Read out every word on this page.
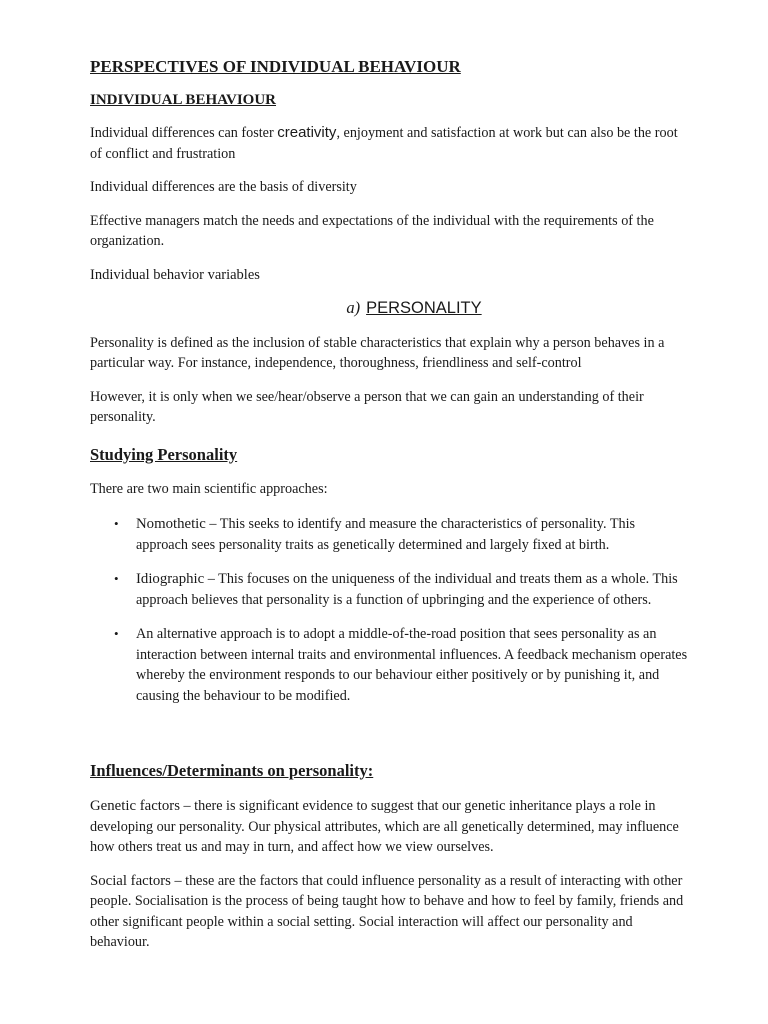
PERSPECTIVES OF INDIVIDUAL BEHAVIOUR
INDIVIDUAL BEHAVIOUR

Individual differences can foster creativity, enjoyment and satisfaction at work but can also be the root of conflict and frustration

Individual differences are the basis of diversity

Effective managers match the needs and expectations of the individual with the requirements of the organization.

Individual behavior variables

a) PERSONALITY

Personality is defined as the inclusion of stable characteristics that explain why a person behaves in a particular way. For instance, independence, thoroughness, friendliness and self-control

However, it is only when we see/hear/observe a person that we can gain an understanding of their personality.

Studying Personality

There are two main scientific approaches:

• Nomothetic – This seeks to identify and measure the characteristics of personality. This approach sees personality traits as genetically determined and largely fixed at birth.
• Idiographic – This focuses on the uniqueness of the individual and treats them as a whole. This approach believes that personality is a function of upbringing and the experience of others.
• An alternative approach is to adopt a middle-of-the-road position that sees personality as an interaction between internal traits and environmental influences. A feedback mechanism operates whereby the environment responds to our behaviour either positively or by punishing it, and causing the behaviour to be modified.
Influences/Determinants on personality:

Genetic factors – there is significant evidence to suggest that our genetic inheritance plays a role in developing our personality. Our physical attributes, which are all genetically determined, may influence how others treat us and may in turn, and affect how we view ourselves.

Social factors – these are the factors that could influence personality as a result of interacting with other people. Socialisation is the process of being taught how to behave and how to feel by family, friends and other significant people within a social setting. Social interaction will affect our personality and behaviour.
